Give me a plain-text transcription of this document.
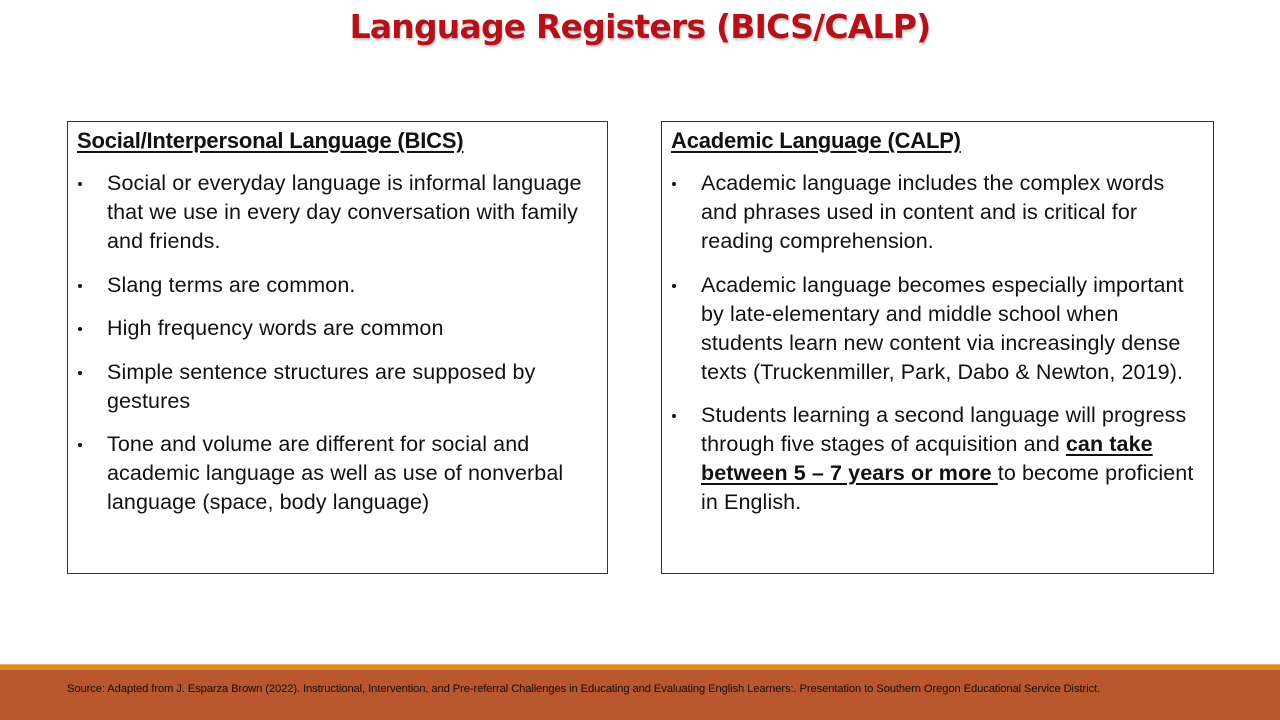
Language Registers (BICS/CALP)
Social/Interpersonal Language (BICS)
Social or everyday language is informal language that we use in every day conversation with family and friends.
Slang terms are common.
High frequency words are common
Simple sentence structures are supposed by gestures
Tone and volume are different for social and academic language as well as use of nonverbal language (space, body language)
Academic Language (CALP)
Academic language includes the complex words and phrases used in content and is critical for reading comprehension.
Academic language becomes especially important by late-elementary and middle school when students learn new content via increasingly dense texts (Truckenmiller, Park, Dabo & Newton, 2019).
Students learning a second language will progress through five stages of acquisition and can take between 5 – 7 years or more to become proficient in English.
Source: Adapted from J. Esparza Brown (2022). Instructional, Intervention, and Pre-referral Challenges in Educating and Evaluating English Learners:. Presentation to Southern Oregon Educational Service District.
